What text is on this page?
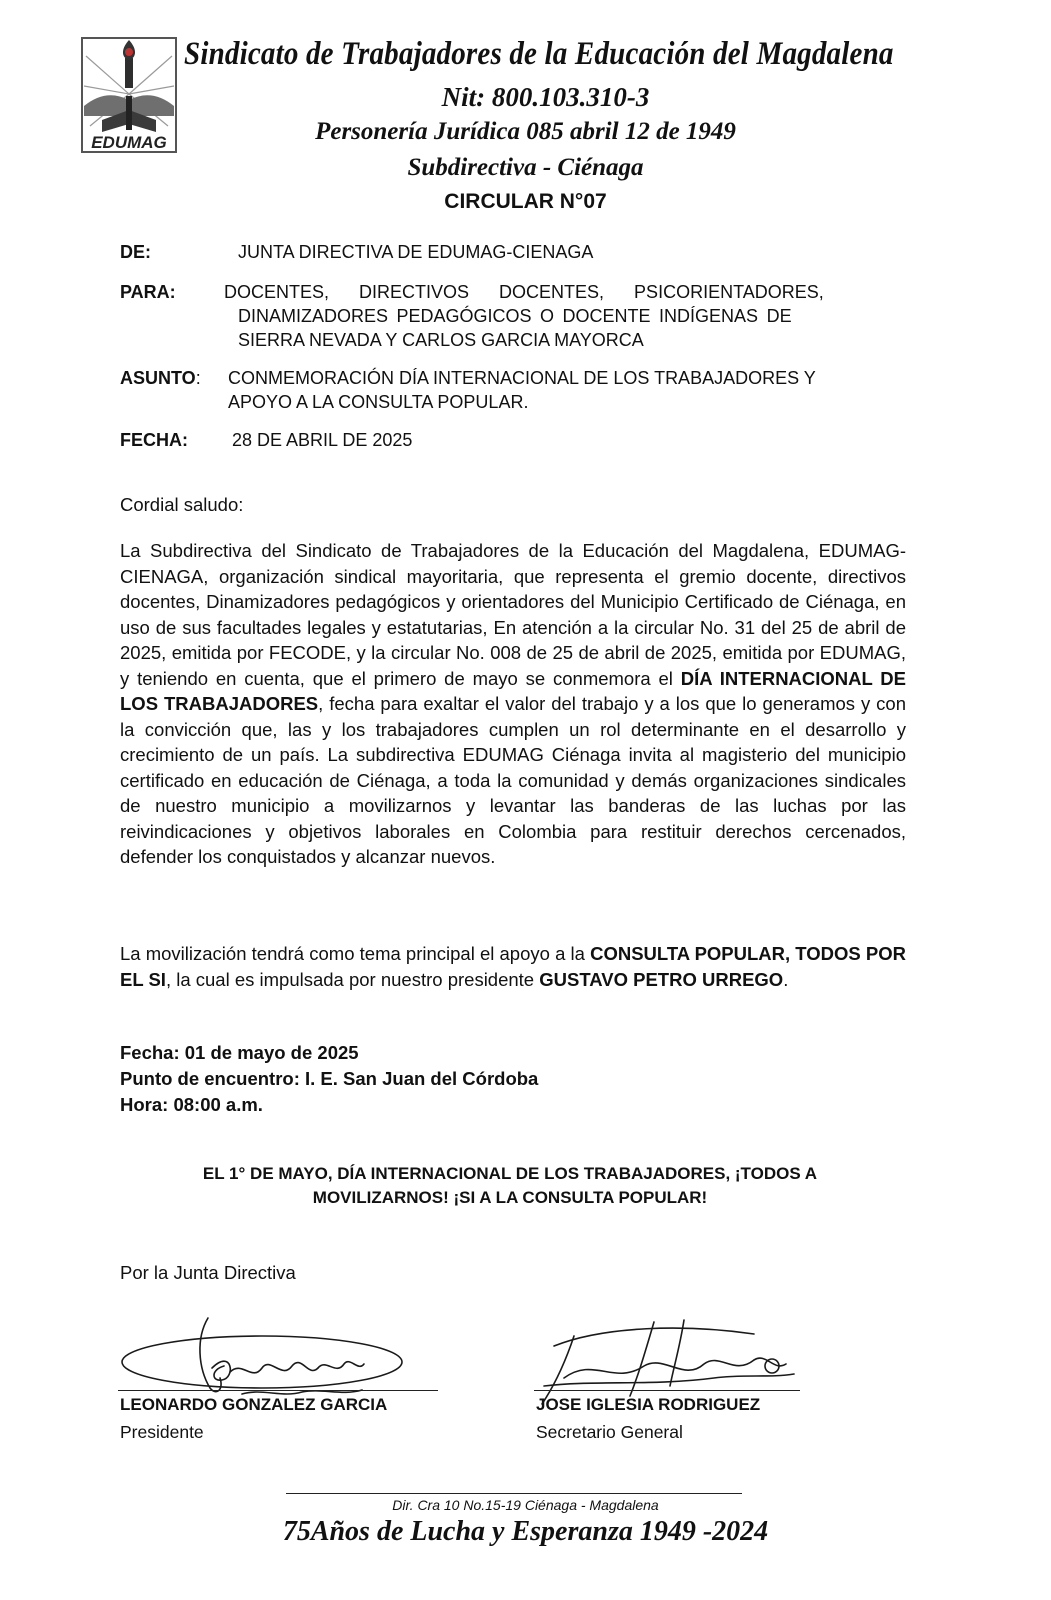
EDUMAG
Sindicato de Trabajadores de la Educación del Magdalena
Nit: 800.103.310-3
Personería Jurídica 085 abril 12 de 1949
Subdirectiva - Ciénaga
CIRCULAR N°07
DE:	JUNTA DIRECTIVA DE EDUMAG-CIENAGA
PARA:	DOCENTES,      DIRECTIVOS      DOCENTES,      PSICORIENTADORES,
DINAMIZADORES PEDAGÓGICOS O DOCENTE INDÍGENAS DE
SIERRA NEVADA Y CARLOS GARCIA MAYORCA
ASUNTO: CONMEMORACIÓN DÍA INTERNACIONAL DE LOS TRABAJADORES Y
APOYO A LA CONSULTA POPULAR.
FECHA: 28 DE ABRIL DE 2025
Cordial saludo:
La Subdirectiva del Sindicato de Trabajadores de la Educación del Magdalena, EDUMAG- CIENAGA, organización sindical mayoritaria, que representa el gremio docente, directivos docentes, Dinamizadores pedagógicos y orientadores del Municipio Certificado de Ciénaga, en uso de sus facultades legales y estatutarias, En atención a la circular No. 31 del 25 de abril de 2025, emitida por FECODE, y la circular No. 008 de 25 de abril de 2025, emitida por EDUMAG, y teniendo en cuenta, que el primero de mayo se conmemora el DÍA INTERNACIONAL DE LOS TRABAJADORES, fecha para exaltar el valor del trabajo y a los que lo generamos y con la convicción que, las y los trabajadores cumplen un rol determinante en el desarrollo y crecimiento de un país. La subdirectiva EDUMAG Ciénaga invita al magisterio del municipio certificado en educación de Ciénaga, a toda la comunidad y demás organizaciones sindicales de nuestro municipio a movilizarnos y levantar las banderas de las luchas por las reivindicaciones y objetivos laborales en Colombia para restituir derechos cercenados, defender los conquistados y alcanzar nuevos.
La movilización tendrá como tema principal el apoyo a la CONSULTA POPULAR, TODOS POR EL SI, la cual es impulsada por nuestro presidente GUSTAVO PETRO URREGO.
Fecha: 01 de mayo de 2025
Punto de encuentro: I. E. San Juan del Córdoba
Hora: 08:00 a.m.
EL 1° DE MAYO, DÍA INTERNACIONAL DE LOS TRABAJADORES, ¡TODOS A
MOVILIZARNOS! ¡SI A LA CONSULTA POPULAR!
Por la Junta Directiva
LEONARDO GONZALEZ GARCIA
Presidente
JOSE IGLESIA RODRIGUEZ
Secretario General
Dir. Cra 10 No.15-19 Ciénaga - Magdalena
75Años de Lucha y Esperanza 1949 -2024
